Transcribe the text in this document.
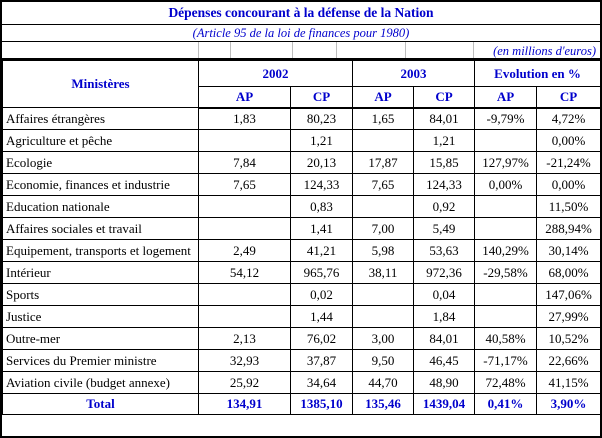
Dépenses concourant à la défense de la Nation
(Article 95 de la loi de finances pour 1980)
(en millions d'euros)
Ministères	2002		2003		Evolution en %	
	AP	CP	AP	CP	AP	CP
Affaires étrangères	1,83	80,23	1,65	84,01	-9,79%	4,72%
Agriculture et pêche		1,21		1,21		0,00%
Ecologie	7,84	20,13	17,87	15,85	127,97%	-21,24%
Economie, finances et industrie	7,65	124,33	7,65	124,33	0,00%	0,00%
Education nationale		0,83		0,92		11,50%
Affaires sociales et travail		1,41	7,00	5,49		288,94%
Equipement, transports et logement	2,49	41,21	5,98	53,63	140,29%	30,14%
Intérieur	54,12	965,76	38,11	972,36	-29,58%	68,00%
Sports		0,02		0,04		147,06%
Justice		1,44		1,84		27,99%
Outre-mer	2,13	76,02	3,00	84,01	40,58%	10,52%
Services du Premier ministre	32,93	37,87	9,50	46,45	-71,17%	22,66%
Aviation civile (budget annexe)	25,92	34,64	44,70	48,90	72,48%	41,15%
Total	134,91	1385,10	135,46	1439,04	0,41%	3,90%
